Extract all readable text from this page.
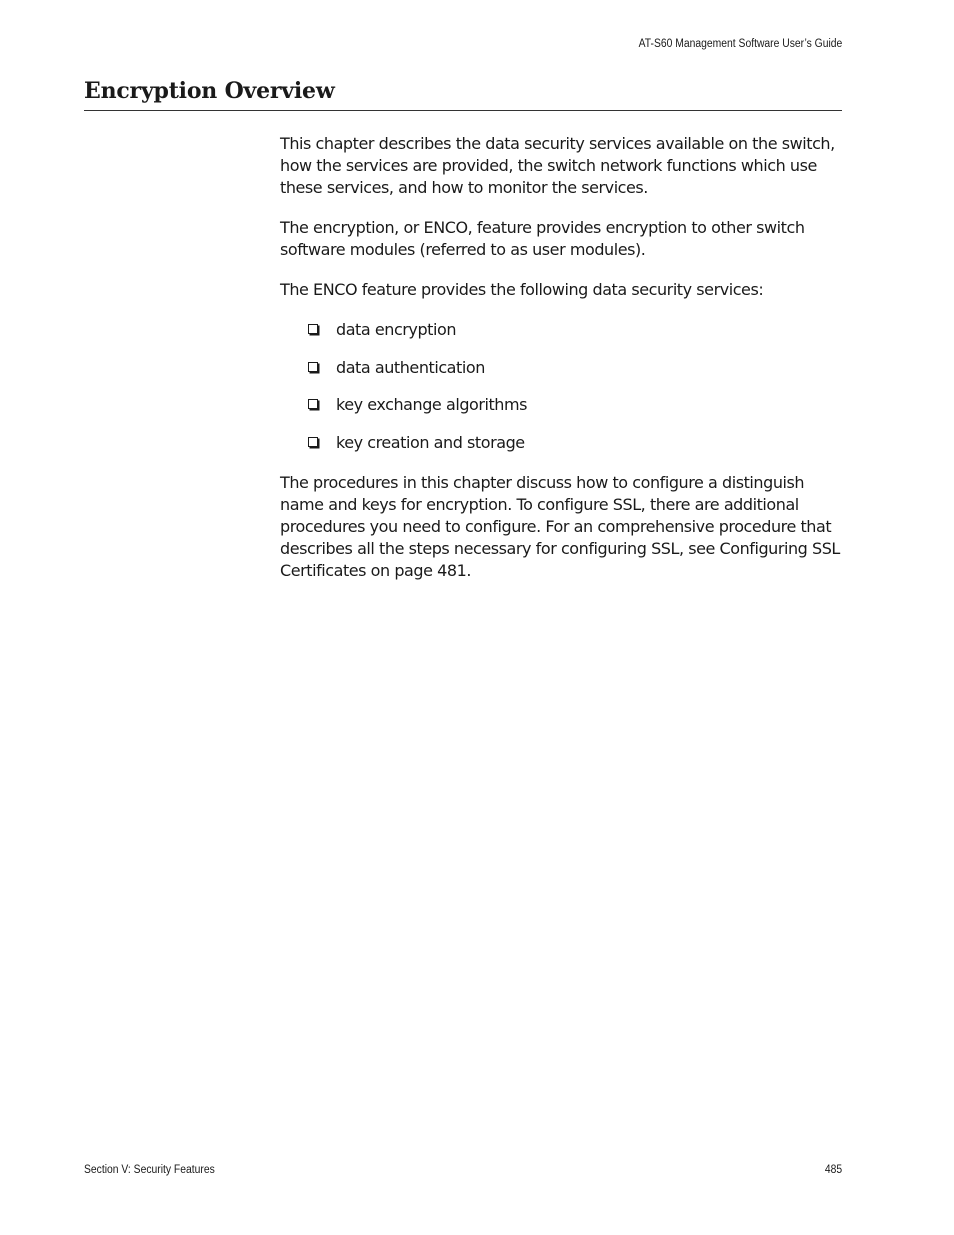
AT-S60 Management Software User’s Guide
Encryption Overview

This chapter describes the data security services available on the switch, how the services are provided, the switch network functions which use these services, and how to monitor the services.

The encryption, or ENCO, feature provides encryption to other switch software modules (referred to as user modules).

The ENCO feature provides the following data security services:

data encryption
data authentication
key exchange algorithms
key creation and storage

The procedures in this chapter discuss how to configure a distinguish name and keys for encryption. To configure SSL, there are additional procedures you need to configure. For an comprehensive procedure that describes all the steps necessary for configuring SSL, see Configuring SSL Certificates on page 481.

Section V: Security Features	485
